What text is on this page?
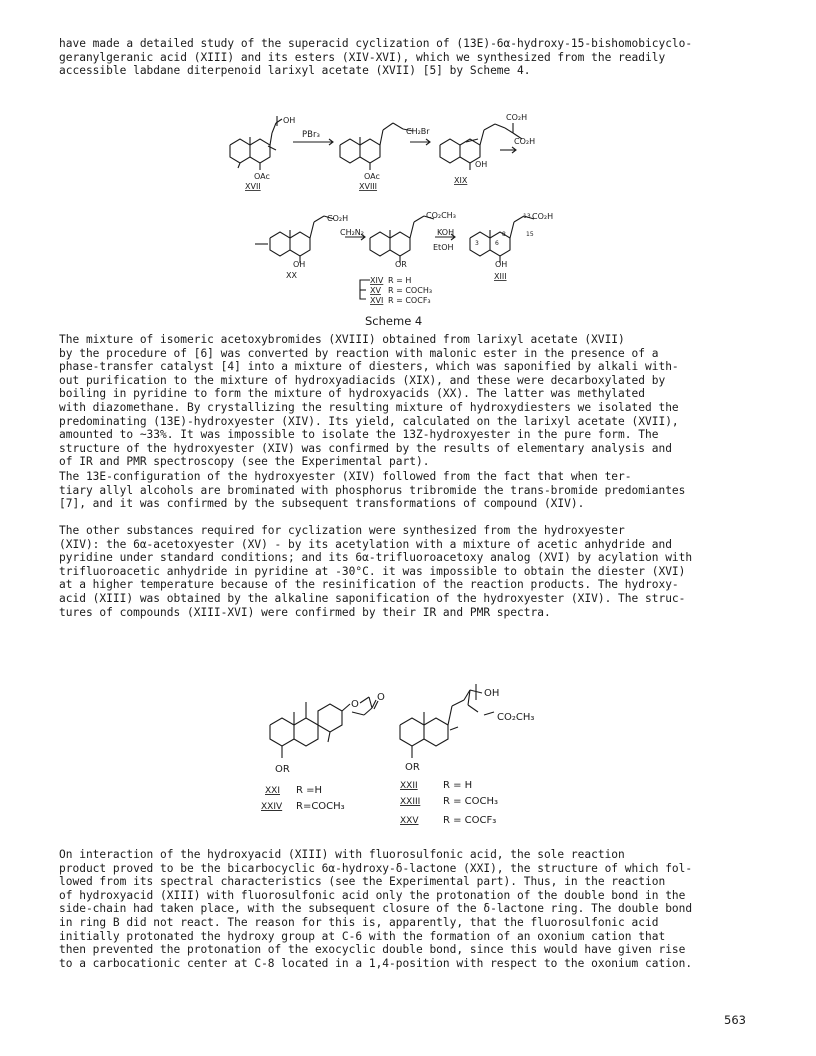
have made a detailed study of the superacid cyclization of (13E)-6α-hydroxy-15-bishomobicyclo-
geranylgeranic acid (XIII) and its esters (XIV-XVI), which we synthesized from the readily
accessible labdane diterpenoid larixyl acetate (XVII) [5] by Scheme 4.

OH
PBr₃
OAc
XVII
CH₂Br
OAc
XVIII
CO₂H
CO₂H
OH
XIX
CO₂H
CH₂N₂
OH
XX
CO₂CH₃
KOH
EtOH
OR
CO₂H
13
15
3	6
8
OH
XIII
XIV
XV
XVI
R = H
R = COCH₃
R = COCF₃
Scheme 4

The mixture of isomeric acetoxybromides (XVIII) obtained from larixyl acetate (XVII)
by the procedure of [6] was converted by reaction with malonic ester in the presence of a
phase-transfer catalyst [4] into a mixture of diesters, which was saponified by alkali with-
out purification to the mixture of hydroxyadiacids (XIX), and these were decarboxylated by
boiling in pyridine to form the mixture of hydroxyacids (XX). The latter was methylated
with diazomethane. By crystallizing the resulting mixture of hydroxydiesters we isolated the
predominating (13E)-hydroxyester (XIV). Its yield, calculated on the larixyl acetate (XVII),
amounted to ~33%. It was impossible to isolate the 13Z-hydroxyester in the pure form. The
structure of the hydroxyester (XIV) was confirmed by the results of elementary analysis and
of IR and PMR spectroscopy (see the Experimental part).

The 13E-configuration of the hydroxyester (XIV) followed from the fact that when ter-
tiary allyl alcohols are brominated with phosphorus tribromide the trans-bromide predomiantes
[7], and it was confirmed by the subsequent transformations of compound (XIV).

The other substances required for cyclization were synthesized from the hydroxyester
(XIV): the 6α-acetoxyester (XV) - by its acetylation with a mixture of acetic anhydride and
pyridine under standard conditions; and its 6α-trifluoroacetoxy analog (XVI) by acylation with
trifluoroacetic anhydride in pyridine at -30°C. it was impossible to obtain the diester (XVI)
at a higher temperature because of the resinification of the reaction products. The hydroxy-
acid (XIII) was obtained by the alkaline saponification of the hydroxyester (XIV). The struc-
tures of compounds (XIII-XVI) were confirmed by their IR and PMR spectra.

O
O
OR
XXI
XXIV
R =H
R=COCH₃
OH
CO₂CH₃
OR
XXII
XXIII
XXV
R = H
R = COCH₃
R = COCF₃

On interaction of the hydroxyacid (XIII) with fluorosulfonic acid, the sole reaction
product proved to be the bicarbocyclic 6α-hydroxy-δ-lactone (XXI), the structure of which fol-
lowed from its spectral characteristics (see the Experimental part). Thus, in the reaction
of hydroxyacid (XIII) with fluorosulfonic acid only the protonation of the double bond in the
side-chain had taken place, with the subsequent closure of the δ-lactone ring. The double bond
in ring B did not react. The reason for this is, apparently, that the fluorosulfonic acid
initially protonated the hydroxy group at C-6 with the formation of an oxonium cation that
then prevented the protonation of the exocyclic double bond, since this would have given rise
to a carbocationic center at C-8 located in a 1,4-position with respect to the oxonium cation.

563
